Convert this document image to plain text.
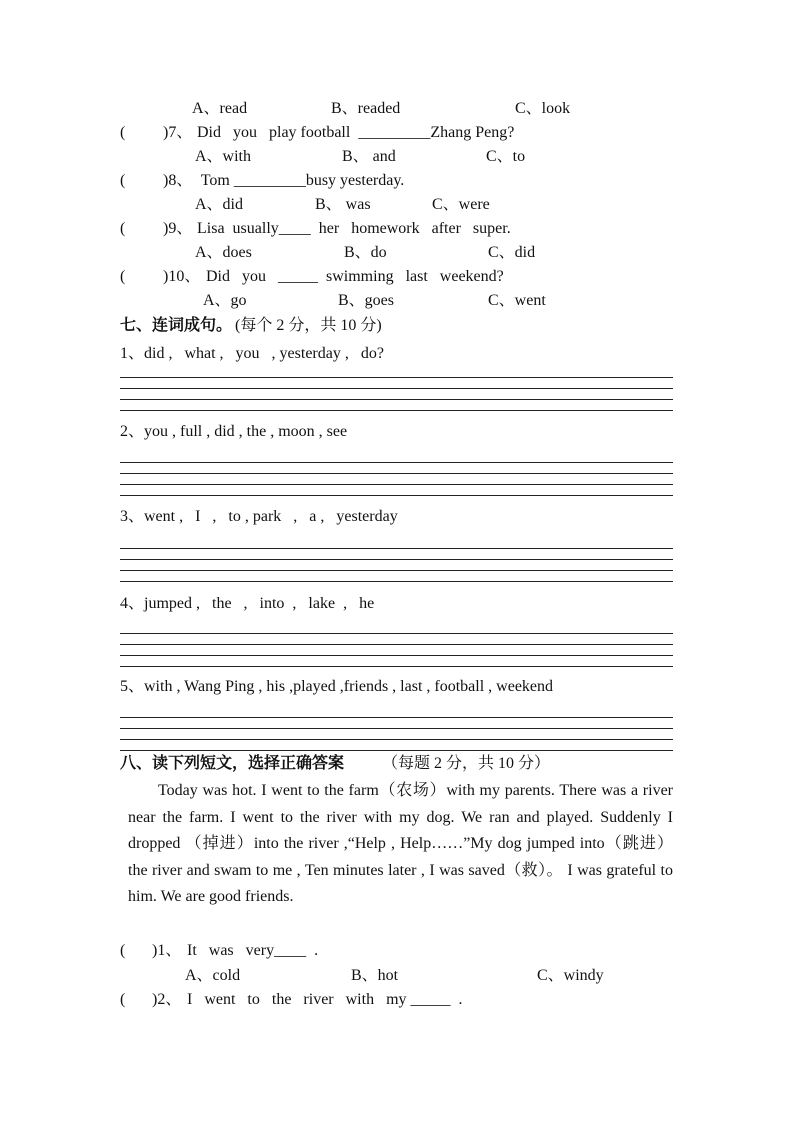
A、read	B、readed	C、look
( )7、 Did   you   play football  _________Zhang Peng?
A、with	B、 and	C、to
( )8、 Tom _________busy yesterday.
A、did	B、 was	C、were
( )9、 Lisa  usually____  her   homework   after   super.
A、does	B、do	C、did
( )10、 Did   you   _____  swimming   last   weekend?
A、go	B、goes	C、went
七、连词成句。 (每个 2 分，共 10 分)
1、did ,   what ,   you   , yesterday ,   do?
2、you , full , did , the , moon , see
3、went ,   I   ,   to , park   ,   a ,   yesterday
4、jumped ,   the   ,   into  ,   lake  ,   he
5、with , Wang Ping , his ,played ,friends , last , football , weekend
八、读下列短文，选择正确答案 （每题 2 分，共 10 分）
Today was hot. I went to the farm（农场）with my parents. There was a river near the farm. I went to the river with my dog. We ran and played. Suddenly I dropped （掉进）into the river ,“Help , Help……”My dog jumped into（跳进）the river and swam to me , Ten minutes later , I was saved（救）。 I was grateful to him. We are good friends.
( )1、 It   was   very____  .
A、cold	B、hot	C、windy
( )2、 I   went   to   the   river   with   my _____  .
